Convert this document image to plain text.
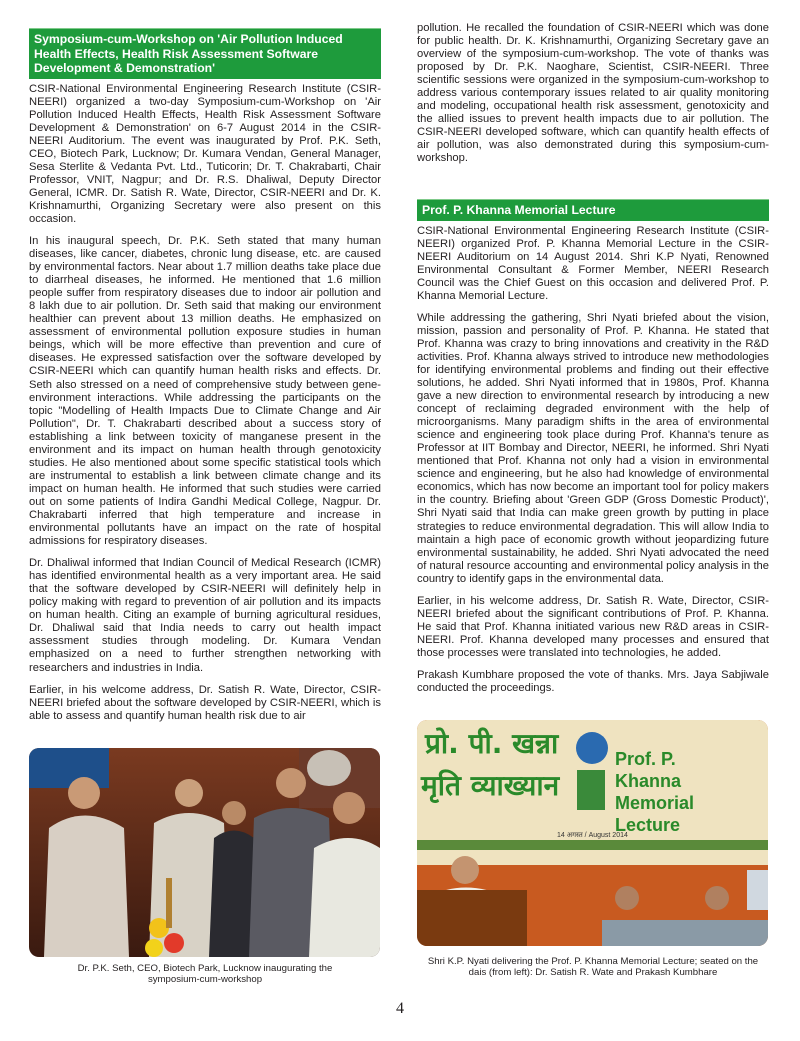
Symposium-cum-Workshop on 'Air Pollution Induced Health Effects, Health Risk Assessment Software Development & Demonstration'

CSIR-National Environmental Engineering Research Institute (CSIR-NEERI) organized a two-day Symposium-cum-Workshop on 'Air Pollution Induced Health Effects, Health Risk Assessment Software Development & Demonstration' on 6-7 August 2014 in the CSIR-NEERI Auditorium. The event was inaugurated by Prof. P.K. Seth, CEO, Biotech Park, Lucknow; Dr. Kumara Vendan, General Manager, Sesa Sterlite & Vedanta Pvt. Ltd., Tuticorin; Dr. T. Chakrabarti, Chair Professor, VNIT, Nagpur; and Dr. R.S. Dhaliwal, Deputy Director General, ICMR. Dr. Satish R. Wate, Director, CSIR-NEERI and Dr. K. Krishnamurthi, Organizing Secretary were also present on this occasion.

In his inaugural speech, Dr. P.K. Seth stated that many human diseases, like cancer, diabetes, chronic lung disease, etc. are caused by environmental factors. Near about 1.7 million deaths take place due to diarrheal diseases, he informed. He mentioned that 1.6 million people suffer from respiratory diseases due to indoor air pollution and 8 lakh due to air pollution. Dr. Seth said that making our environment healthier can prevent about 13 million deaths. He emphasized on assessment of environmental pollution exposure studies in human beings, which will be more effective than prevention and cure of diseases. He expressed satisfaction over the software developed by CSIR-NEERI which can quantify human health risks and effects. Dr. Seth also stressed on a need of comprehensive study between gene-environment interactions. While addressing the participants on the topic "Modelling of Health Impacts Due to Climate Change and Air Pollution", Dr. T. Chakrabarti described about a success story of establishing a link between toxicity of manganese present in the environment and its impact on human health through genotoxicity studies. He also mentioned about some specific statistical tools which are instrumental to establish a link between climate change and its impact on human health. He informed that such studies were carried out on some patients of Indira Gandhi Medical College, Nagpur. Dr. Chakrabarti inferred that high temperature and increase in environmental pollutants have an impact on the rate of hospital admissions for respiratory diseases.

Dr. Dhaliwal informed that Indian Council of Medical Research (ICMR) has identified environmental health as a very important area. He said that the software developed by CSIR-NEERI will definitely help in policy making with regard to prevention of air pollution and its impacts on human health. Citing an example of burning agricultural residues, Dr. Dhaliwal said that India needs to carry out health impact assessment studies through modeling. Dr. Kumara Vendan emphasized on a need to further strengthen networking with researchers and industries in India.

Earlier, in his welcome address, Dr. Satish R. Wate, Director, CSIR-NEERI briefed about the software developed by CSIR-NEERI, which is able to assess and quantify human health risk due to air

Prof. P. Khanna Memorial Lecture

CSIR-National Environmental Engineering Research Institute (CSIR-NEERI) organized Prof. P. Khanna Memorial Lecture in the CSIR-NEERI Auditorium on 14 August 2014. Shri K.P Nyati, Renowned Environmental Consultant & Former Member, NEERI Research Council was the Chief Guest on this occasion and delivered Prof. P. Khanna Memorial Lecture.

While addressing the gathering, Shri Nyati briefed about the vision, mission, passion and personality of Prof. P. Khanna. He stated that Prof. Khanna was crazy to bring innovations and creativity in the R&D activities. Prof. Khanna always strived to introduce new methodologies for identifying environmental problems and finding out their effective solutions, he added. Shri Nyati informed that in 1980s, Prof. Khanna gave a new direction to environmental research by introducing a new concept of reclaiming degraded environment with the help of microorganisms. Many paradigm shifts in the area of environmental science and engineering took place during Prof. Khanna's tenure as Professor at IIT Bombay and Director, NEERI, he informed. Shri Nyati mentioned that Prof. Khanna not only had a vision in environmental science and engineering, but he also had knowledge of environmental economics, which has now become an important tool for policy makers in the country. Briefing about 'Green GDP (Gross Domestic Product)', Shri Nyati said that India can make green growth by putting in place strategies to reduce environmental degradation. This will allow India to maintain a high pace of economic growth without jeopardizing future environmental sustainability, he added. Shri Nyati advocated the need of natural resource accounting and environmental policy analysis in the country to identify gaps in the environmental data.

Earlier, in his welcome address, Dr. Satish R. Wate, Director, CSIR-NEERI briefed about the significant contributions of Prof. P. Khanna. He said that Prof. Khanna initiated various new R&D areas in CSIR-NEERI. Prof. Khanna developed many processes and ensured that those processes were translated into technologies, he added.

Prakash Kumbhare proposed the vote of thanks. Mrs. Jaya Sabjiwale conducted the proceedings.

pollution. He recalled the foundation of CSIR-NEERI which was done for public health. Dr. K. Krishnamurthi, Organizing Secretary gave an overview of the symposium-cum-workshop. The vote of thanks was proposed by Dr. P.K. Naoghare, Scientist, CSIR-NEERI. Three scientific sessions were organized in the symposium-cum-workshop to address various contemporary issues related to air quality monitoring and modeling, occupational health risk assessment, genotoxicity and the allied issues to prevent health impacts due to air pollution. The CSIR-NEERI developed software, which can quantify health effects of air pollution, was also demonstrated during this symposium-cum-workshop.

Dr. P.K. Seth, CEO, Biotech Park, Lucknow inaugurating the symposium-cum-workshop
प्रो. पी. खन्ना
मृति व्याख्यान
Prof. P. Khanna Memorial Lecture
14 अगस्त / August 2014
Shri K.P. Nyati delivering the Prof. P. Khanna Memorial Lecture; seated on the dais (from left): Dr. Satish R. Wate and Prakash Kumbhare
4
